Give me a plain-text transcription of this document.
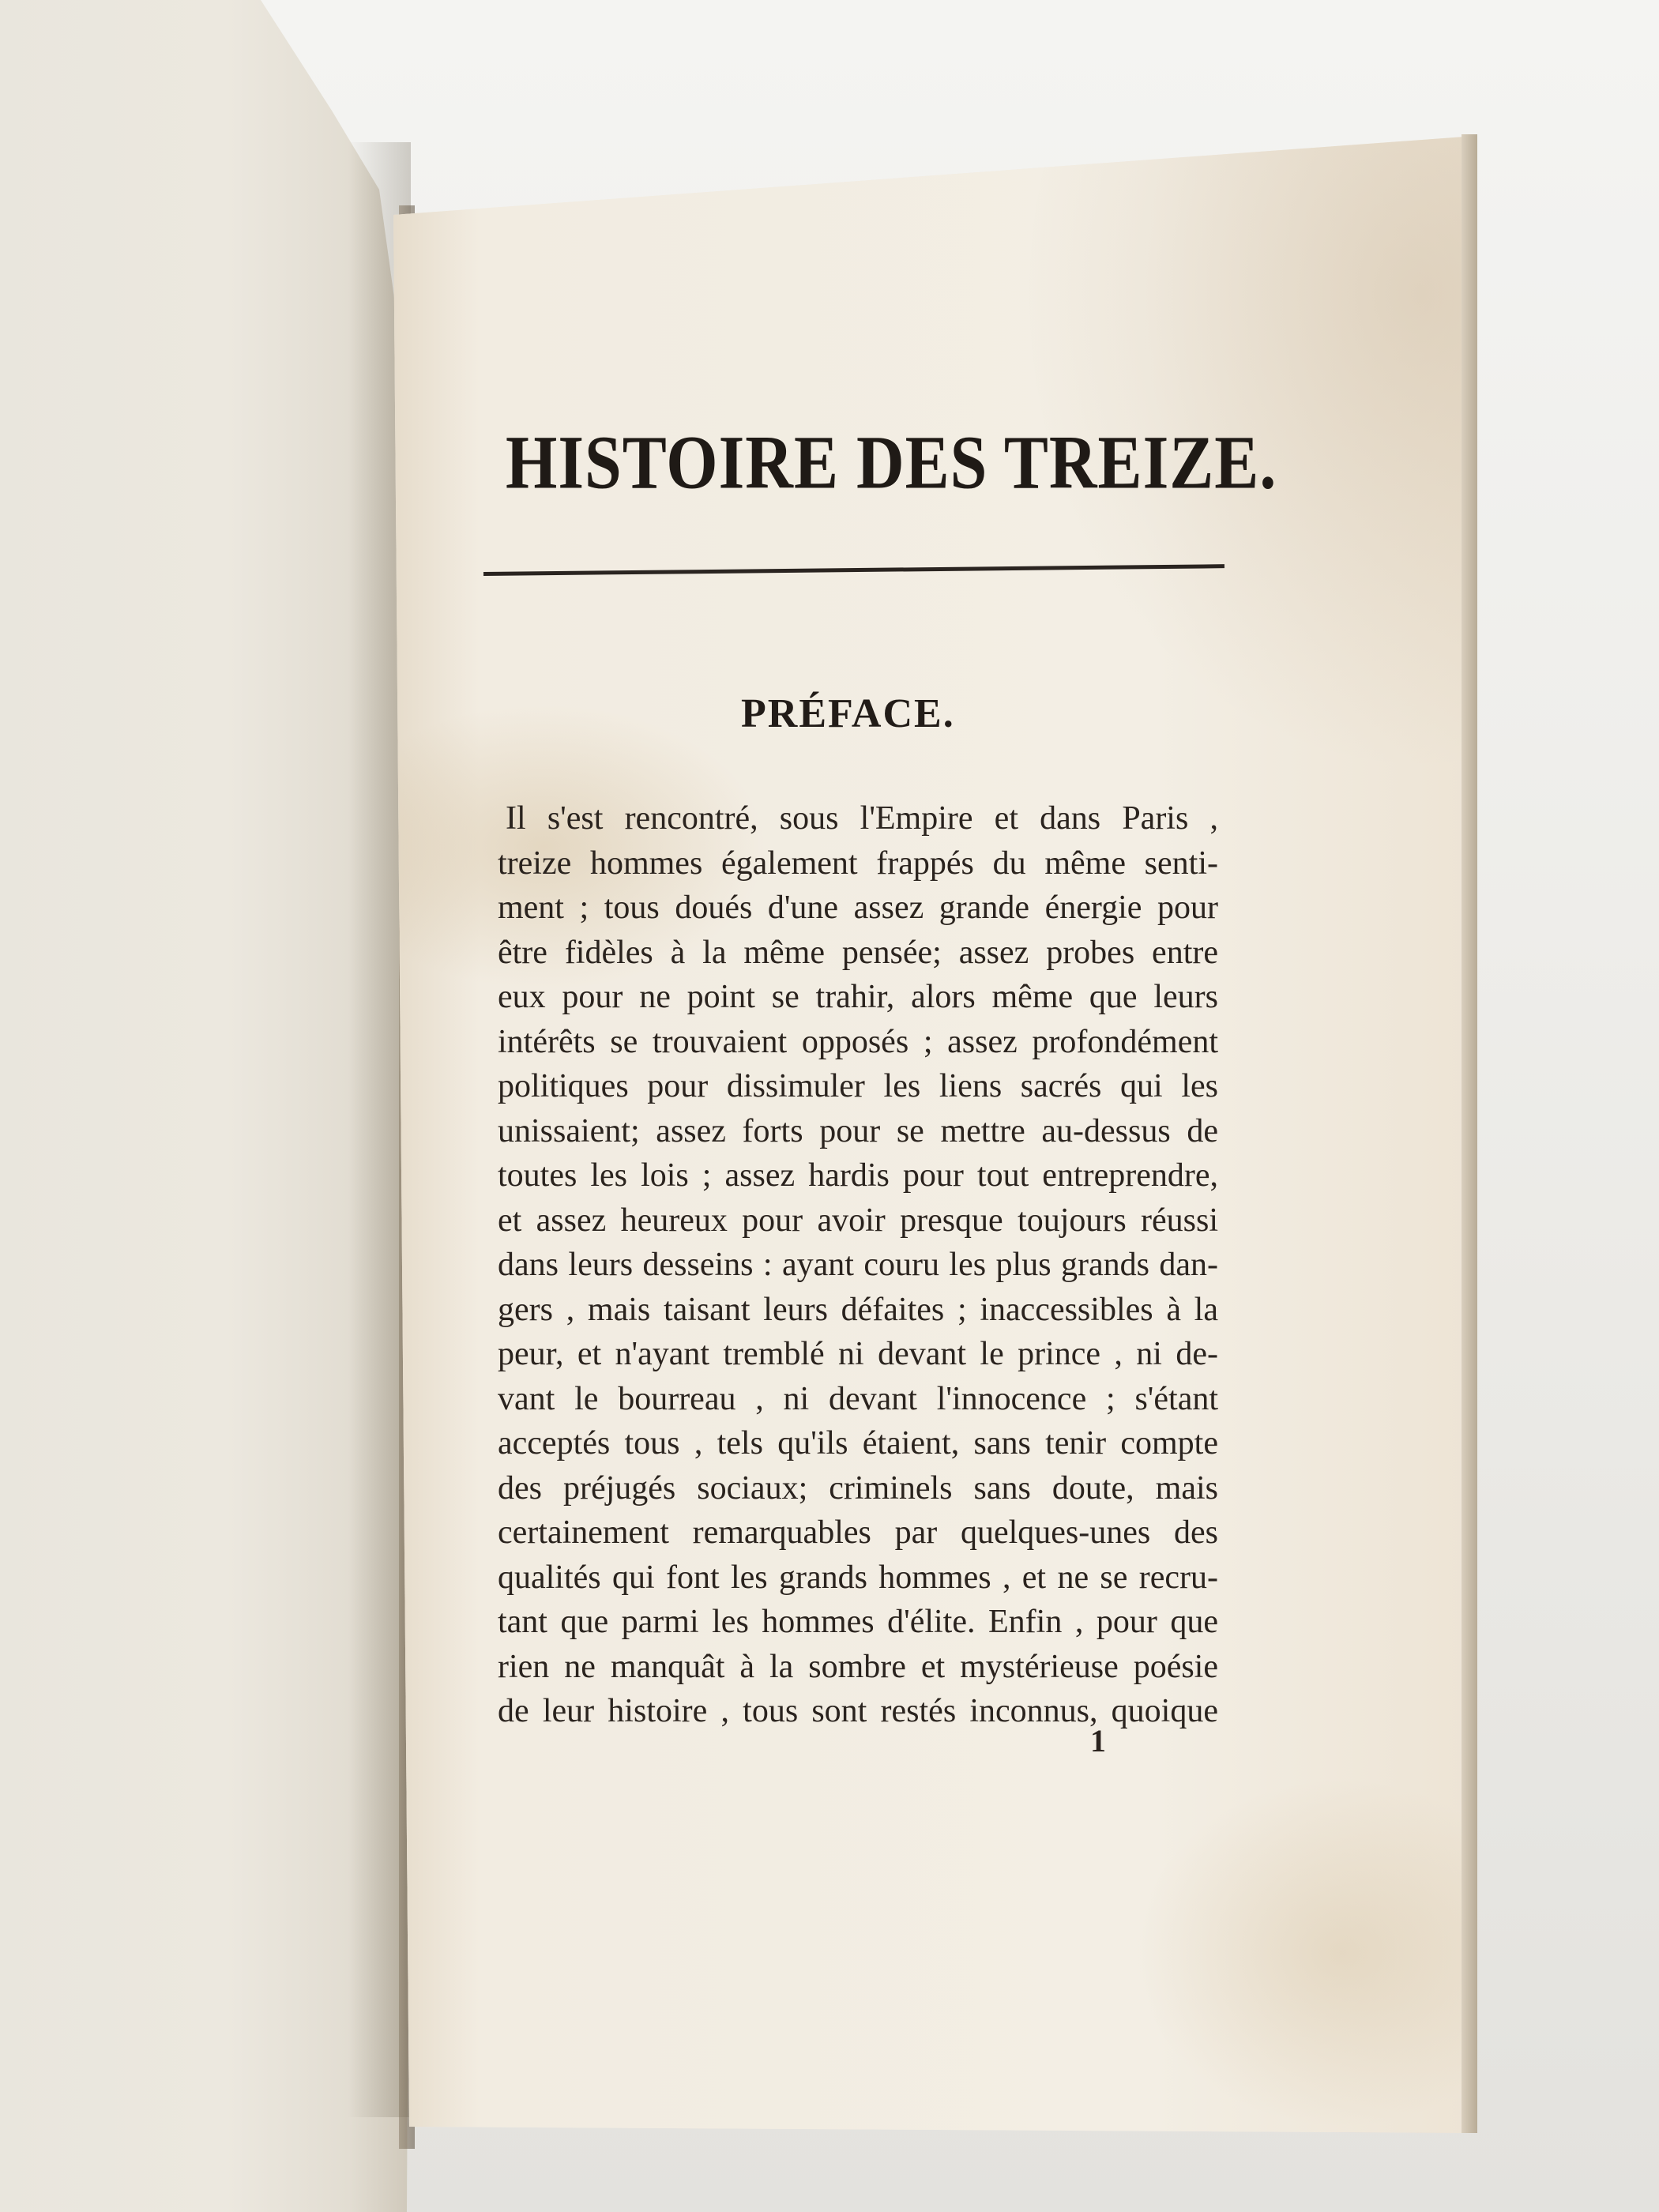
HISTOIRE DES TREIZE.
PRÉFACE.
Il s'est rencontré, sous l'Empire et dans Paris ,
treize hommes également frappés du même senti-
ment ; tous doués d'une assez grande énergie pour
être fidèles à la même pensée; assez probes entre
eux pour ne point se trahir, alors même que leurs
intérêts se trouvaient opposés ; assez profondément
politiques pour dissimuler les liens sacrés qui les
unissaient; assez forts pour se mettre au-dessus de
toutes les lois ; assez hardis pour tout entreprendre,
et assez heureux pour avoir presque toujours réussi
dans leurs desseins : ayant couru les plus grands dan-
gers , mais taisant leurs défaites ; inaccessibles à la
peur, et n'ayant tremblé ni devant le prince , ni de-
vant le bourreau , ni devant l'innocence ; s'étant
acceptés tous , tels qu'ils étaient, sans tenir compte
des préjugés sociaux; criminels sans doute, mais
certainement remarquables par quelques-unes des
qualités qui font les grands hommes , et ne se recru-
tant que parmi les hommes d'élite. Enfin , pour que
rien ne manquât à la sombre et mystérieuse poésie
de leur histoire , tous sont restés inconnus, quoique
1
